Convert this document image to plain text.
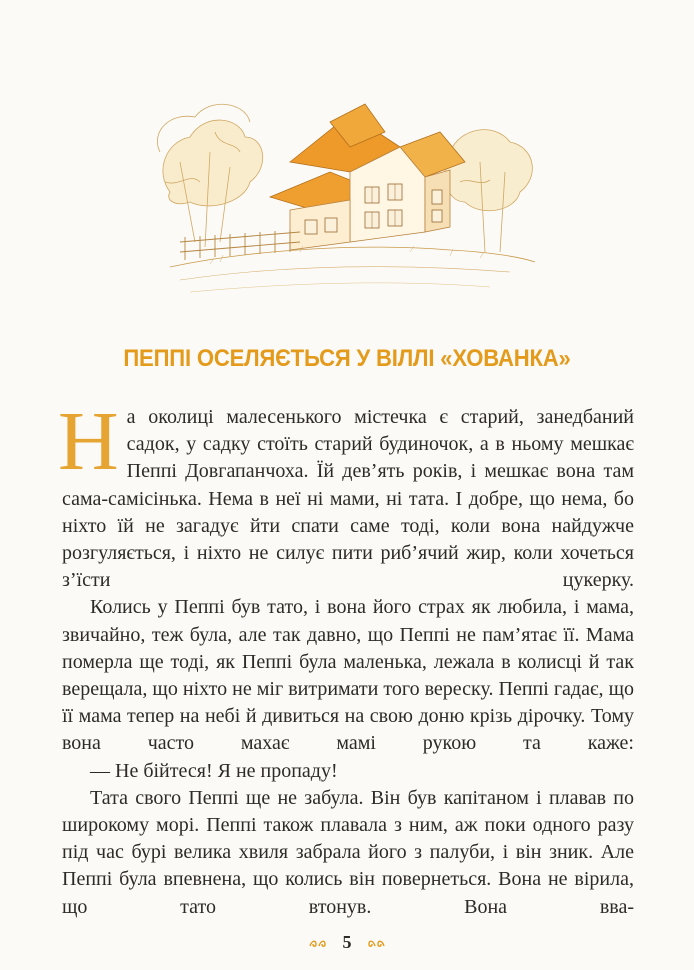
ПЕППІ ОСЕЛЯЄТЬСЯ У ВІЛЛІ «ХОВАНКА»

На околиці малесенького містечка є старий, занедбаний садок, у садку стоїть старий будиночок, а в ньому мешкає Пеппі Довгапанчоха. Їй дев’ять років, і мешкає вона там сама-самісінька. Нема в неї ні мами, ні тата. І добре, що нема, бо ніхто їй не загадує йти спати саме тоді, коли вона найдужче розгуляється, і ніхто не силує пити риб’ячий жир, коли хочеться з’їсти цукерку.

Колись у Пеппі був тато, і вона його страх як любила, і мама, звичайно, теж була, але так давно, що Пеппі не пам’ятає її. Мама померла ще тоді, як Пеппі була маленька, лежала в колисці й так верещала, що ніхто не міг витримати того вереску. Пеппі гадає, що її мама тепер на небі й дивиться на свою доню крізь дірочку. Тому вона часто махає мамі рукою та каже:

— Не бійтеся! Я не пропаду!

Тата свого Пеппі ще не забула. Він був капітаном і плавав по широкому морі. Пеппі також плавала з ним, аж поки одного разу під час бурі велика хвиля забрала його з палуби, і він зник. Але Пеппі була впевнена, що колись він повернеться. Вона не вірила, що тато втонув. Вона вва-

5
